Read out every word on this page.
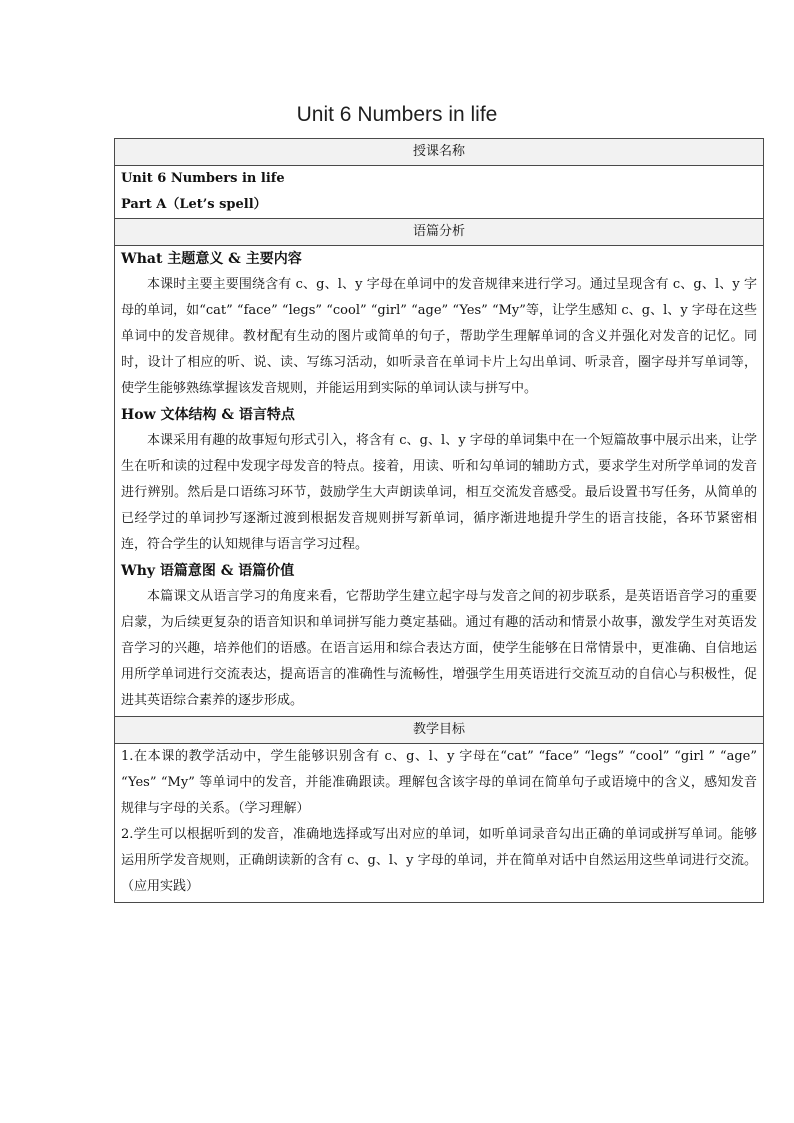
Unit 6 Numbers in life
授课名称

Unit 6 Numbers in life
Part A（Let’s spell）

语篇分析

What 主题意义 & 主要内容
本课时主要主要围绕含有 c、g、l、y 字母在单词中的发音规律来进行学习。通过呈现含有 c、g、l、y 字母的单词，如“cat” “face” “legs” “cool” “girl” “age” “Yes” “My”等，让学生感知 c、g、l、y 字母在这些单词中的发音规律。教材配有生动的图片或简单的句子，帮助学生理解单词的含义并强化对发音的记忆。同时，设计了相应的听、说、读、写练习活动，如听录音在单词卡片上勾出单词、听录音，圈字母并写单词等，使学生能够熟练掌握该发音规则，并能运用到实际的单词认读与拼写中。
How 文体结构 & 语言特点
本课采用有趣的故事短句形式引入，将含有 c、g、l、y 字母的单词集中在一个短篇故事中展示出来，让学生在听和读的过程中发现字母发音的特点。接着，用读、听和勾单词的辅助方式，要求学生对所学单词的发音进行辨别。然后是口语练习环节，鼓励学生大声朗读单词，相互交流发音感受。最后设置书写任务，从简单的已经学过的单词抄写逐渐过渡到根据发音规则拼写新单词，循序渐进地提升学生的语言技能，各环节紧密相连，符合学生的认知规律与语言学习过程。
Why 语篇意图 & 语篇价值
本篇课文从语言学习的角度来看，它帮助学生建立起字母与发音之间的初步联系，是英语语音学习的重要启蒙，为后续更复杂的语音知识和单词拼写能力奠定基础。通过有趣的活动和情景小故事，激发学生对英语发音学习的兴趣，培养他们的语感。在语言运用和综合表达方面，使学生能够在日常情景中，更准确、自信地运用所学单词进行交流表达，提高语言的准确性与流畅性，增强学生用英语进行交流互动的自信心与积极性，促进其英语综合素养的逐步形成。

教学目标

1.在本课的教学活动中，学生能够识别含有 c、g、l、y 字母在“cat” “face” “legs” “cool” “girl ” “age” “Yes” “My” 等单词中的发音，并能准确跟读。理解包含该字母的单词在简单句子或语境中的含义，感知发音规律与字母的关系。（学习理解）
2.学生可以根据听到的发音，准确地选择或写出对应的单词，如听单词录音勾出正确的单词或拼写单词。能够运用所学发音规则，正确朗读新的含有 c、g、l、y 字母的单词，并在简单对话中自然运用这些单词进行交流。（应用实践）
